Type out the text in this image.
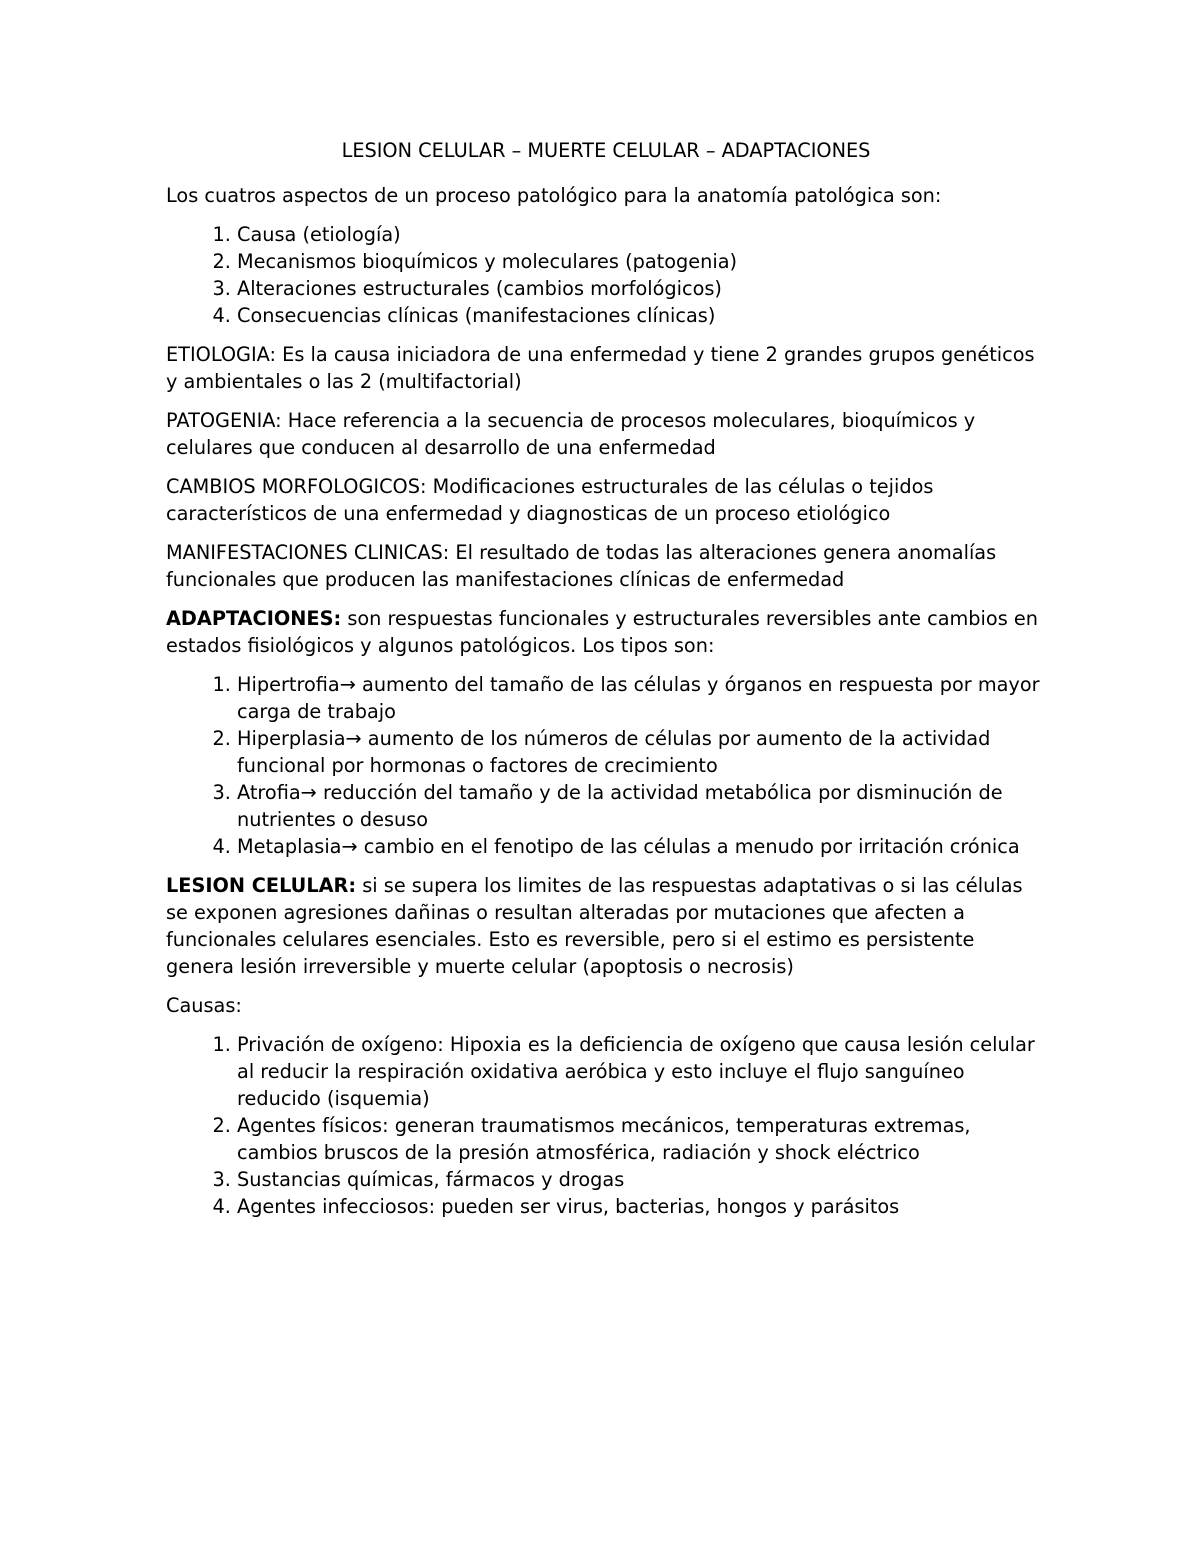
LESION CELULAR – MUERTE CELULAR – ADAPTACIONES

Los cuatros aspectos de un proceso patológico para la anatomía patológica son:

1. Causa (etiología)
2. Mecanismos bioquímicos y moleculares (patogenia)
3. Alteraciones estructurales (cambios morfológicos)
4. Consecuencias clínicas (manifestaciones clínicas)

ETIOLOGIA: Es la causa iniciadora de una enfermedad y tiene 2 grandes grupos genéticos y ambientales o las 2 (multifactorial)

PATOGENIA: Hace referencia a la secuencia de procesos moleculares, bioquímicos y celulares que conducen al desarrollo de una enfermedad

CAMBIOS MORFOLOGICOS: Modificaciones estructurales de las células o tejidos característicos de una enfermedad y diagnosticas de un proceso etiológico

MANIFESTACIONES CLINICAS: El resultado de todas las alteraciones genera anomalías funcionales que producen las manifestaciones clínicas de enfermedad

ADAPTACIONES: son respuestas funcionales y estructurales reversibles ante cambios en estados fisiológicos y algunos patológicos. Los tipos son:

1. Hipertrofia→ aumento del tamaño de las células y órganos en respuesta por mayor carga de trabajo
2. Hiperplasia→ aumento de los números de células por aumento de la actividad funcional por hormonas o factores de crecimiento
3. Atrofia→ reducción del tamaño y de la actividad metabólica por disminución de nutrientes o desuso
4. Metaplasia→ cambio en el fenotipo de las células a menudo por irritación crónica

LESION CELULAR: si se supera los limites de las respuestas adaptativas o si las células se exponen agresiones dañinas o resultan alteradas por mutaciones que afecten a funcionales celulares esenciales. Esto es reversible, pero si el estimo es persistente genera lesión irreversible y muerte celular (apoptosis o necrosis)

Causas:

1. Privación de oxígeno: Hipoxia es la deficiencia de oxígeno que causa lesión celular al reducir la respiración oxidativa aeróbica y esto incluye el flujo sanguíneo reducido (isquemia)
2. Agentes físicos: generan traumatismos mecánicos, temperaturas extremas, cambios bruscos de la presión atmosférica, radiación y shock eléctrico
3. Sustancias químicas, fármacos y drogas
4. Agentes infecciosos: pueden ser virus, bacterias, hongos y parásitos
